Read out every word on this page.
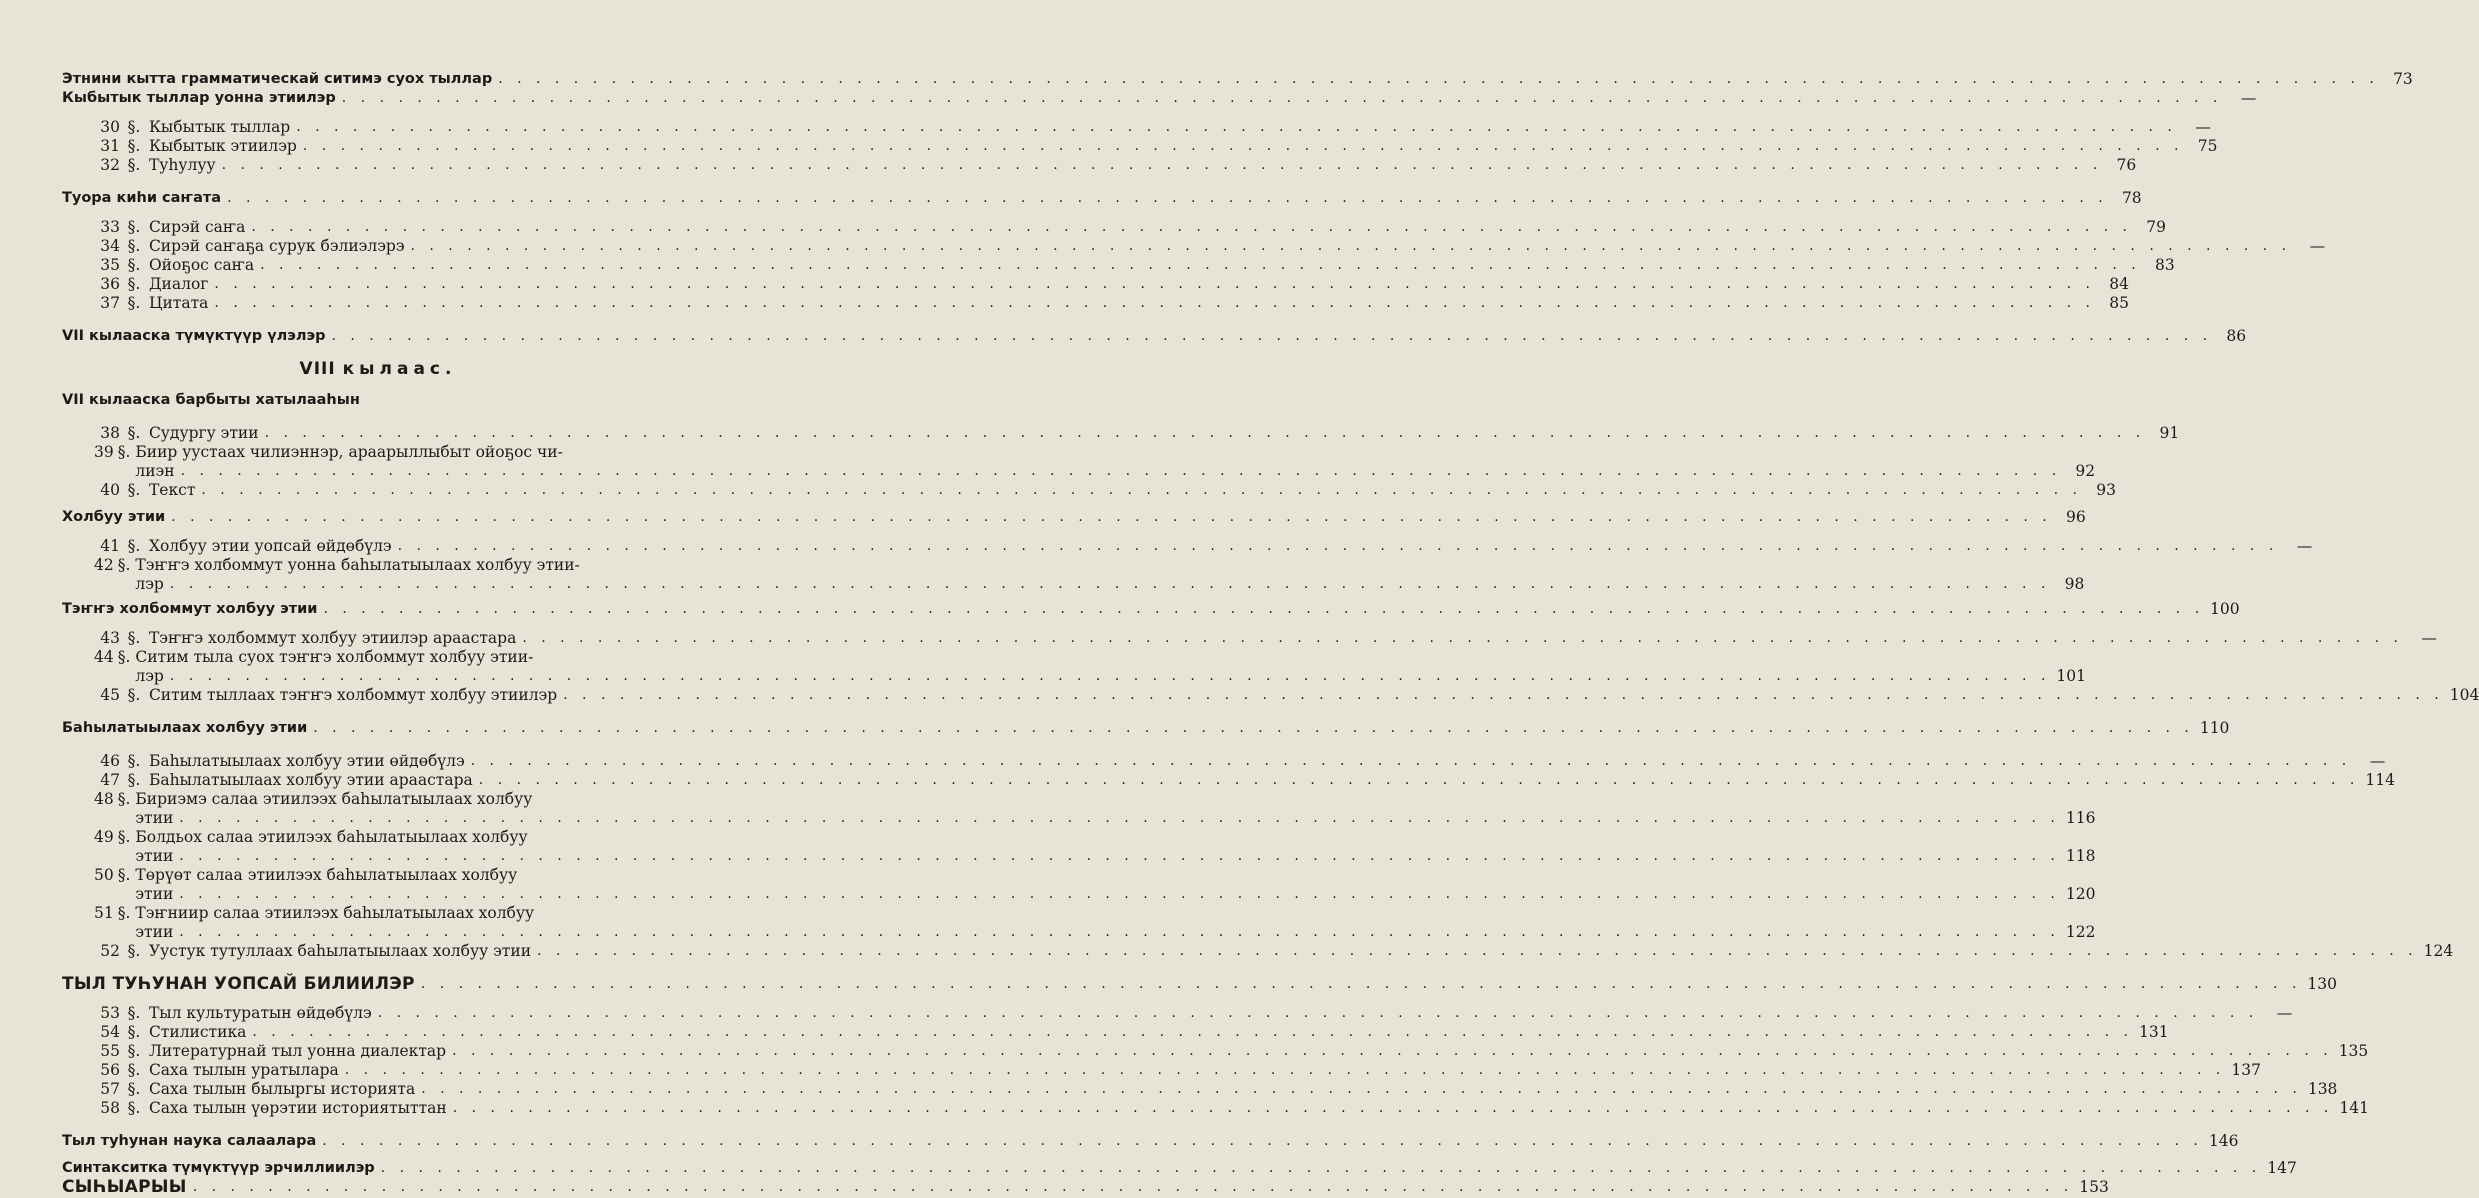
Этнини кытта грамматическай ситимэ суох тыллар . . .	73
Кыбытык тыллар уонна этиилэр . . .	—
30 §. Кыбытык тыллар . . .	—
31 §. Кыбытык этиилэр . . .	75
32 §. Туһулуу . . .	76
Туора киһи саҥата . . .	78
33 §. Сирэй саҥа . . .	79
34 §. Сирэй саҥаҕа сурук бэлиэлэрэ . . .	—
35 §. Ойоҕос саҥа . . .	83
36 §. Диалог . . .	84
37 §. Цитата . . .	85
VII кылааска түмүктүүр үлэлэр . . .	86
VIII кылаас.
VII кылааска барбыты хатылааһын
38 §. Судургу этии . . .	91
39 §.
Биир уустаах чилиэннэр, араарыллыбыт ойоҕос чи-
лиэн . . .	92
40 §. Текст . . .	93
Холбуу этии . . .	96
41 §. Холбуу этии уопсай өйдөбүлэ . . .	—
42 §.
Тэҥҥэ холбоммут уонна баһылатыылаах холбуу этии-
лэр . . .	98
Тэҥҥэ холбоммут холбуу этии . . .	100
43 §. Тэҥҥэ холбоммут холбуу этиилэр араастара . . .	—
44 §.
Ситим тыла суох тэҥҥэ холбоммут холбуу этии-
лэр . . .	101
45 §. Ситим тыллаах тэҥҥэ холбоммут холбуу этиилэр . . .	104
Баһылатыылаах холбуу этии . . .	110
46 §. Баһылатыылаах холбуу этии өйдөбүлэ . . .	—
47 §. Баһылатыылаах холбуу этии араастара . . .	114
48 §.
Бириэмэ салаа этиилээх баһылатыылаах холбуу
этии . . .	116
49 §.
Болдьох салаа этиилээх баһылатыылаах холбуу
этии . . .	118
50 §.
Төрүөт салаа этиилээх баһылатыылаах холбуу
этии . . .	120
51 §.
Тэҥниир салаа этиилээх баһылатыылаах холбуу
этии . . .	122
52 §. Уустук тутуллаах баһылатыылаах холбуу этии . . .	124
ТЫЛ ТУҺУНАН УОПСАЙ БИЛИИЛЭР . . .	130
53 §. Тыл культуратын өйдөбүлэ . . .	—
54 §. Стилистика . . .	131
55 §. Литературнай тыл уонна диалектар . . .	135
56 §. Саха тылын уратылара . . .	137
57 §. Саха тылын былыргы историята . . .	138
58 §. Саха тылын үөрэтии историятыттан . . .	141
Тыл туһунан наука салаалара . . .	146
Синтакситка түмүктүүр эрчиллиилэр . . .	147
СЫҺЫАРЫЫ . . .	153
